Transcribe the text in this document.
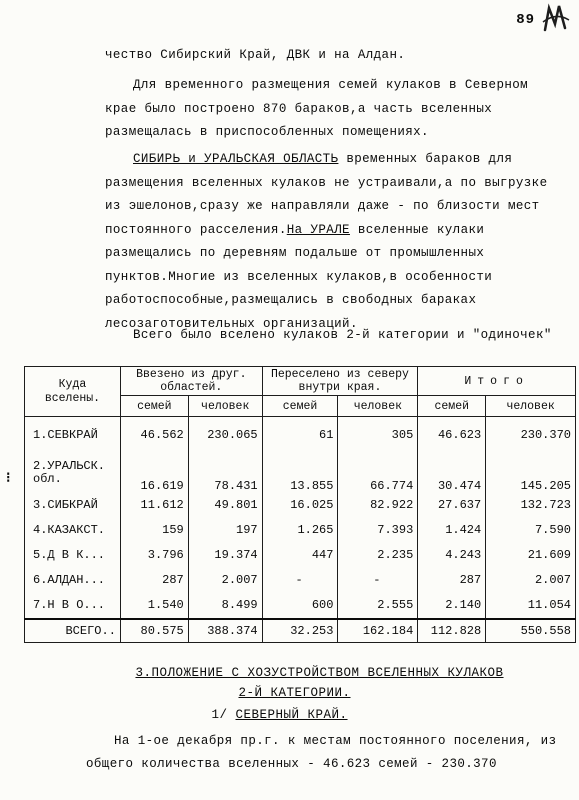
89
чество Сибирский Край, ДВК и на Алдан.
Для временного размещения семей кулаков в Северном крае было построено 870 бараков,а часть вселенных размещалась в приспособленных помещениях.
СИБИРЬ и УРАЛЬСКАЯ ОБЛАСТЬ временных бараков для размещения вселенных кулаков не устраивали,а по выгрузке из эшелонов,сразу же направляли даже - по близости мест постоянного расселения.На УРАЛЕ вселенные кулаки размещались по деревням подальше от промышленных пунктов.Многие из вселенных кулаков,в особенности работоспособные,размещались в свободных бараках лесозаготовительных организаций.
Всего было вселено кулаков 2-й категории и "одиночек"
⁝
Куда
вселены.	Ввезено из друг. областей.		Переселено из северу внутри края.		Итого	
	семей	человек	семей	человек	семей	человек
1.СЕВКРАЙ	46.562	230.065	61	305	46.623	230.370
2.УРАЛЬСК. обл.	16.619	78.431	13.855	66.774	30.474	145.205
3.СИБКРАЙ	11.612	49.801	16.025	82.922	27.637	132.723
4.КАЗАКСТ.	159	197	1.265	7.393	1.424	7.590
5.Д В К...	3.796	19.374	447	2.235	4.243	21.609
6.АЛДАН...	287	2.007	-	-	287	2.007
7.Н В О...	1.540	8.499	600	2.555	2.140	11.054
ВСЕГО..	80.575	388.374	32.253	162.184	112.828	550.558
3.ПОЛОЖЕНИЕ С ХОЗУСТРОЙСТВОМ ВСЕЛЕННЫХ КУЛАКОВ
2-Й КАТЕГОРИИ.
1/ СЕВЕРНЫЙ КРАЙ.
На 1-ое декабря пр.г. к местам постоянного поселения, из общего количества вселенных - 46.623 семей - 230.370
